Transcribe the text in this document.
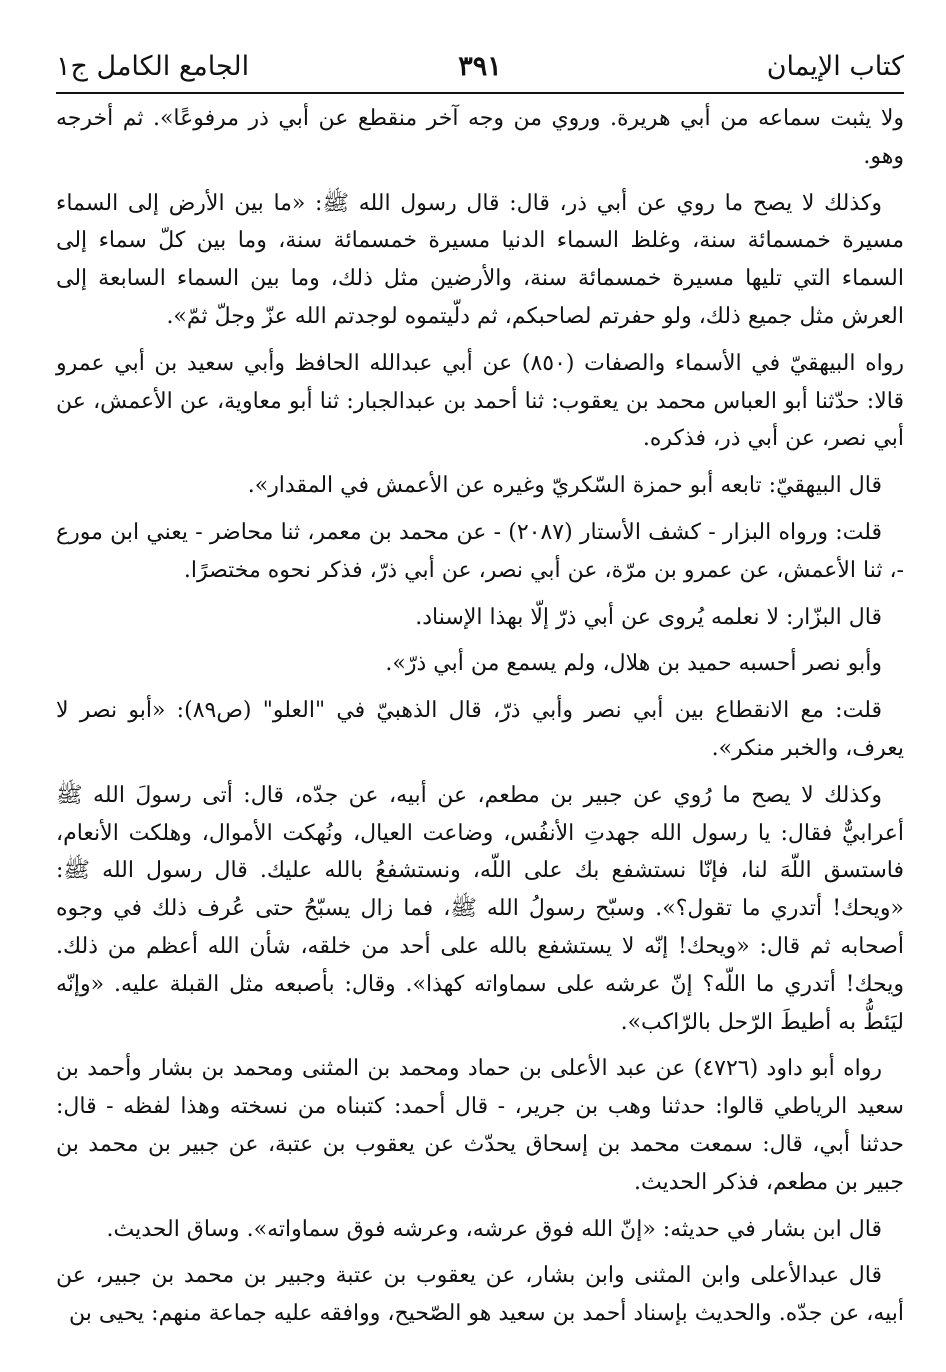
كتاب الإيمان
٣٩١
الجامع الكامل ج١

ولا يثبت سماعه من أبي هريرة. وروي من وجه آخر منقطع عن أبي ذر مرفوعًا». ثم أخرجه وهو.

وكذلك لا يصح ما روي عن أبي ذر، قال: قال رسول الله ﷺ: «ما بين الأرض إلى السماء مسيرة خمسمائة سنة، وغلظ السماء الدنيا مسيرة خمسمائة سنة، وما بين كلّ سماء إلى السماء التي تليها مسيرة خمسمائة سنة، والأرضين مثل ذلك، وما بين السماء السابعة إلى العرش مثل جميع ذلك، ولو حفرتم لصاحبكم، ثم دلّيتموه لوجدتم الله عزّ وجلّ ثمّ».

رواه البيهقيّ في الأسماء والصفات (٨٥٠) عن أبي عبدالله الحافظ وأبي سعيد بن أبي عمرو قالا: حدّثنا أبو العباس محمد بن يعقوب: ثنا أحمد بن عبدالجبار: ثنا أبو معاوية، عن الأعمش، عن أبي نصر، عن أبي ذر، فذكره.

قال البيهقيّ: تابعه أبو حمزة السّكريّ وغيره عن الأعمش في المقدار».

قلت: ورواه البزار - كشف الأستار (٢٠٨٧) - عن محمد بن معمر، ثنا محاضر - يعني ابن مورع -، ثنا الأعمش، عن عمرو بن مرّة، عن أبي نصر، عن أبي ذرّ، فذكر نحوه مختصرًا.

قال البزّار: لا نعلمه يُروى عن أبي ذرّ إلّا بهذا الإسناد.

وأبو نصر أحسبه حميد بن هلال، ولم يسمع من أبي ذرّ».

قلت: مع الانقطاع بين أبي نصر وأبي ذرّ، قال الذهبيّ في "العلو" (ص٨٩): «أبو نصر لا يعرف، والخبر منكر».

وكذلك لا يصح ما رُوي عن جبير بن مطعم، عن أبيه، عن جدّه، قال: أتى رسولَ الله ﷺ أعرابيٌّ فقال: يا رسول الله جهدتِ الأنفُس، وضاعت العيال، ونُهكت الأموال، وهلكت الأنعام، فاستسق اللّهَ لنا، فإنّا نستشفع بك على اللّه، ونستشفعُ بالله عليك. قال رسول الله ﷺ: «ويحك! أتدري ما تقول؟». وسبّح رسولُ الله ﷺ، فما زال يسبّحُ حتى عُرف ذلك في وجوه أصحابه ثم قال: «ويحك! إنّه لا يستشفع بالله على أحد من خلقه، شأن الله أعظم من ذلك. ويحك! أتدري ما اللّه؟ إنّ عرشه على سماواته كهذا». وقال: بأصبعه مثل القبلة عليه. «وإنّه ليَئطُّ به أطيطَ الرّحل بالرّاكب».

رواه أبو داود (٤٧٢٦) عن عبد الأعلى بن حماد ومحمد بن المثنى ومحمد بن بشار وأحمد بن سعيد الرياطي قالوا: حدثنا وهب بن جرير، - قال أحمد: كتبناه من نسخته وهذا لفظه - قال: حدثنا أبي، قال: سمعت محمد بن إسحاق يحدّث عن يعقوب بن عتبة، عن جبير بن محمد بن جبير بن مطعم، فذكر الحديث.

قال ابن بشار في حديثه: «إنّ الله فوق عرشه، وعرشه فوق سماواته». وساق الحديث.

قال عبدالأعلى وابن المثنى وابن بشار، عن يعقوب بن عتبة وجبير بن محمد بن جبير، عن أبيه، عن جدّه. والحديث بإسناد أحمد بن سعيد هو الصّحيح، ووافقه عليه جماعة منهم: يحيى بن
